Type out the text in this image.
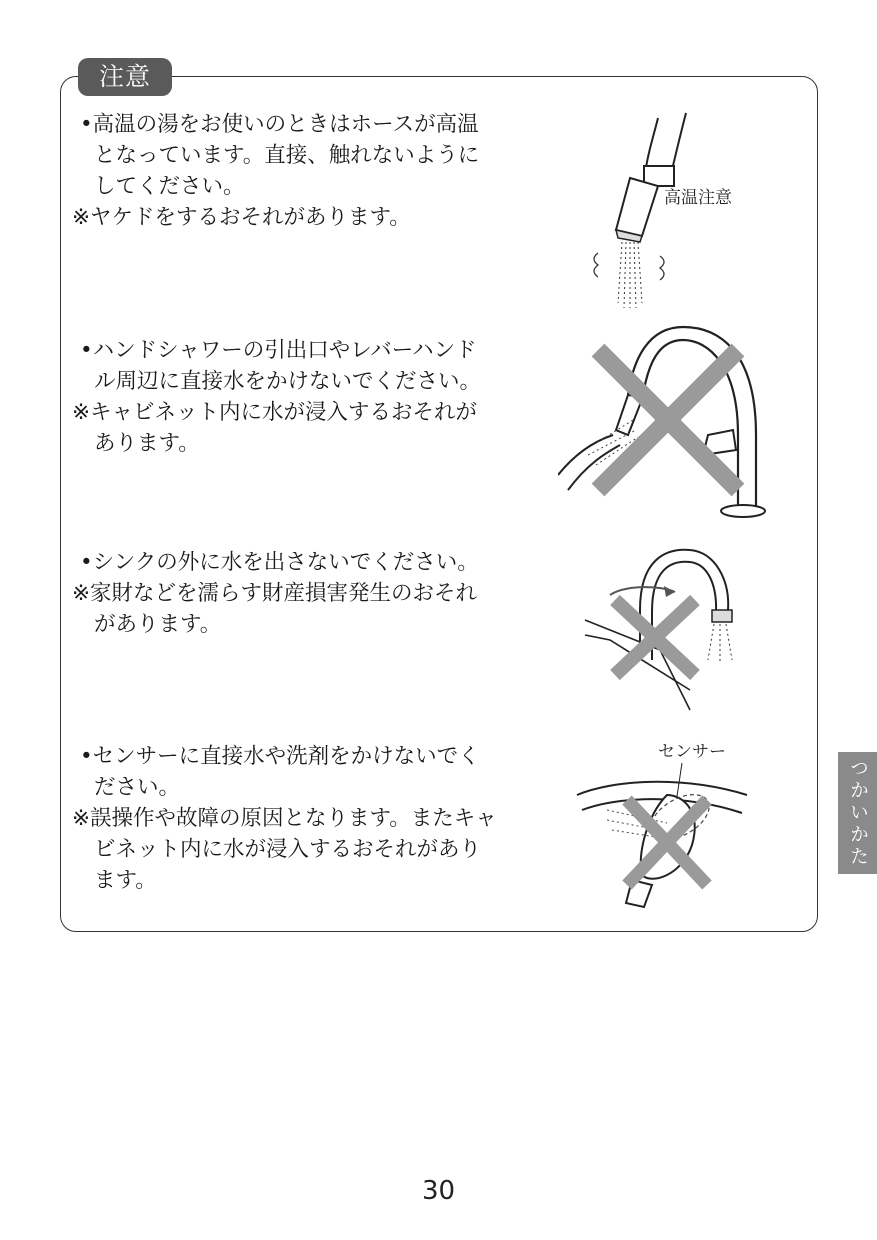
注意

•高温の湯をお使いのときはホースが高温

となっています。直接、触れないように

してください。

※ヤケドをするおそれがあります。

高温注意

•ハンドシャワーの引出口やレバーハンド

ル周辺に直接水をかけないでください。

※キャビネット内に水が浸入するおそれが

あります。

•シンクの外に水を出さないでください。

※家財などを濡らす財産損害発生のおそれ

があります。

•センサーに直接水や洗剤をかけないでく

ださい。

※誤操作や故障の原因となります。またキャ

ビネット内に水が浸入するおそれがあり

ます。

センサー
つかいかた
30
